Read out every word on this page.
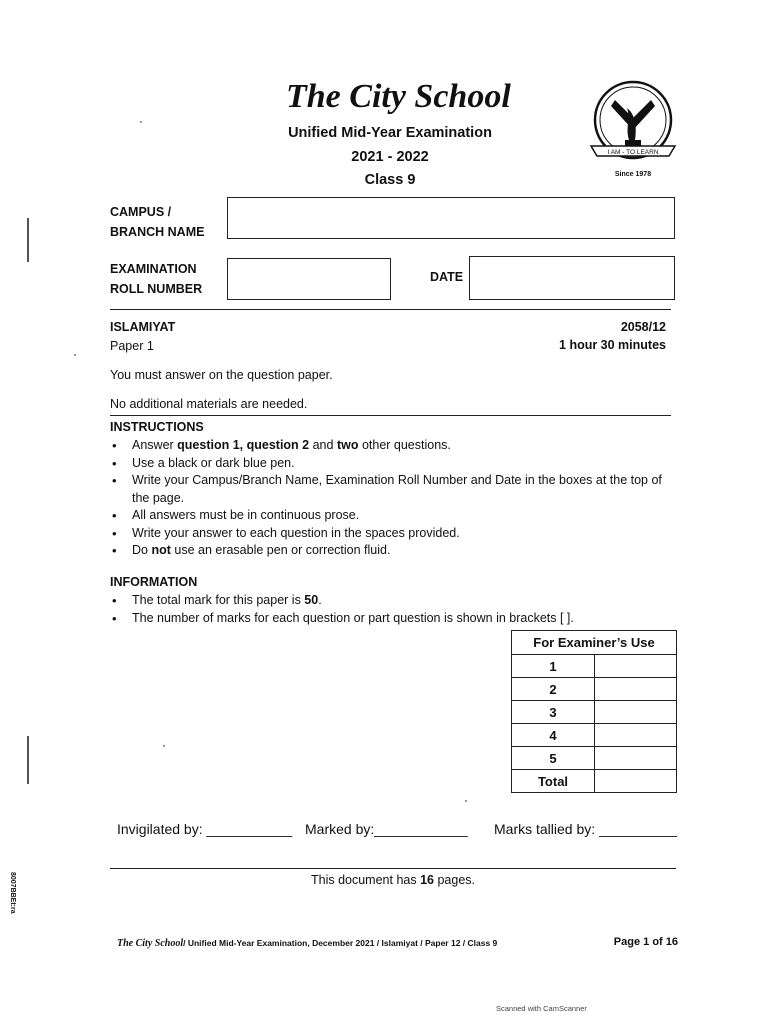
The City School
Unified Mid-Year Examination
2021 - 2022
Class 9
I AM - TO LEARN
Since 1978
CAMPUS /
BRANCH NAME
EXAMINATION
ROLL NUMBER
DATE
ISLAMIYAT
Paper 1
2058/12
1 hour 30 minutes
You must answer on the question paper.
No additional materials are needed.
INSTRUCTIONS
• Answer question 1, question 2 and two other questions.
• Use a black or dark blue pen.
• Write your Campus/Branch Name, Examination Roll Number and Date in the boxes at the top of the page.
• All answers must be in continuous prose.
• Write your answer to each question in the spaces provided.
• Do not use an erasable pen or correction fluid.
INFORMATION
• The total mark for this paper is 50.
• The number of marks for each question or part question is shown in brackets [ ].
For Examiner’s Use	
1	
2	
3	
4	
5	
Total	
Invigilated by: ___________ Marked by:____________ Marks tallied by: __________
This document has 16 pages.
The City School/ Unified Mid-Year Examination, December 2021 / Islamiyat / Paper 12 / Class 9	Page 1 of 16
8007BBEt:ra
Scanned with CamScanner
